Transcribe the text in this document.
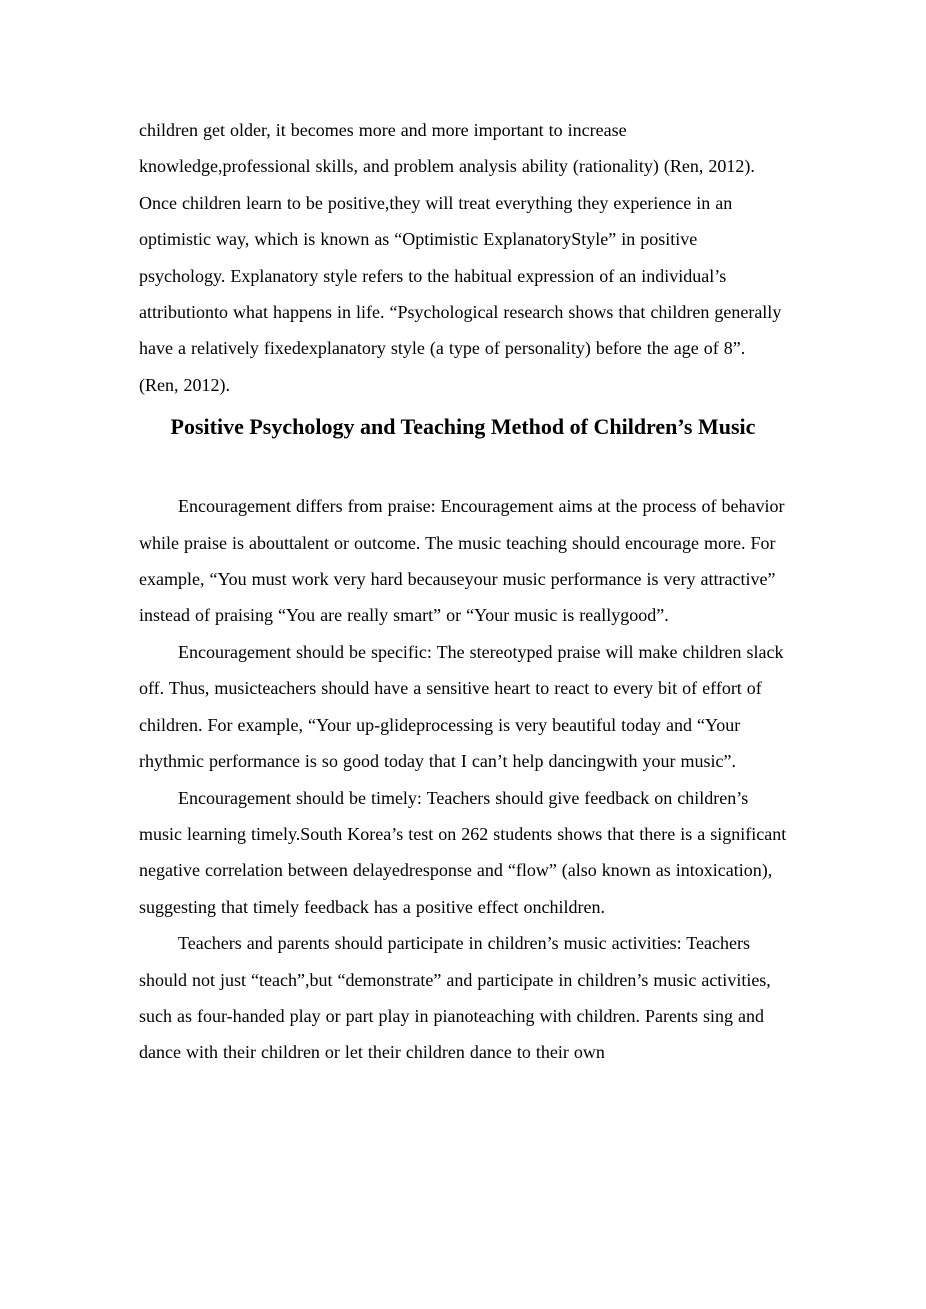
children get older, it becomes more and more important to increase knowledge,professional skills, and problem analysis ability (rationality) (Ren, 2012). Once children learn to be positive,they will treat everything they experience in an optimistic way, which is known as “Optimistic ExplanatoryStyle” in positive psychology. Explanatory style refers to the habitual expression of an individual’s attributionto what happens in life. “Psychological research shows that children generally have a relatively fixedexplanatory style (a type of personality) before the age of 8”. (Ren, 2012).

Positive Psychology and Teaching Method of Children’s Music

Encouragement differs from praise: Encouragement aims at the process of behavior while praise is abouttalent or outcome. The music teaching should encourage more. For example, “You must work very hard becauseyour music performance is very attractive” instead of praising “You are really smart” or “Your music is reallygood”.

Encouragement should be specific: The stereotyped praise will make children slack off. Thus, musicteachers should have a sensitive heart to react to every bit of effort of children. For example, “Your up-glideprocessing is very beautiful today and “Your rhythmic performance is so good today that I can’t help dancingwith your music”.

Encouragement should be timely: Teachers should give feedback on children’s music learning timely.South Korea’s test on 262 students shows that there is a significant negative correlation between delayedresponse and “flow” (also known as intoxication), suggesting that timely feedback has a positive effect onchildren.

Teachers and parents should participate in children’s music activities: Teachers should not just “teach”,but “demonstrate” and participate in children’s music activities, such as four-handed play or part play in pianoteaching with children. Parents sing and dance with their children or let their children dance to their own
